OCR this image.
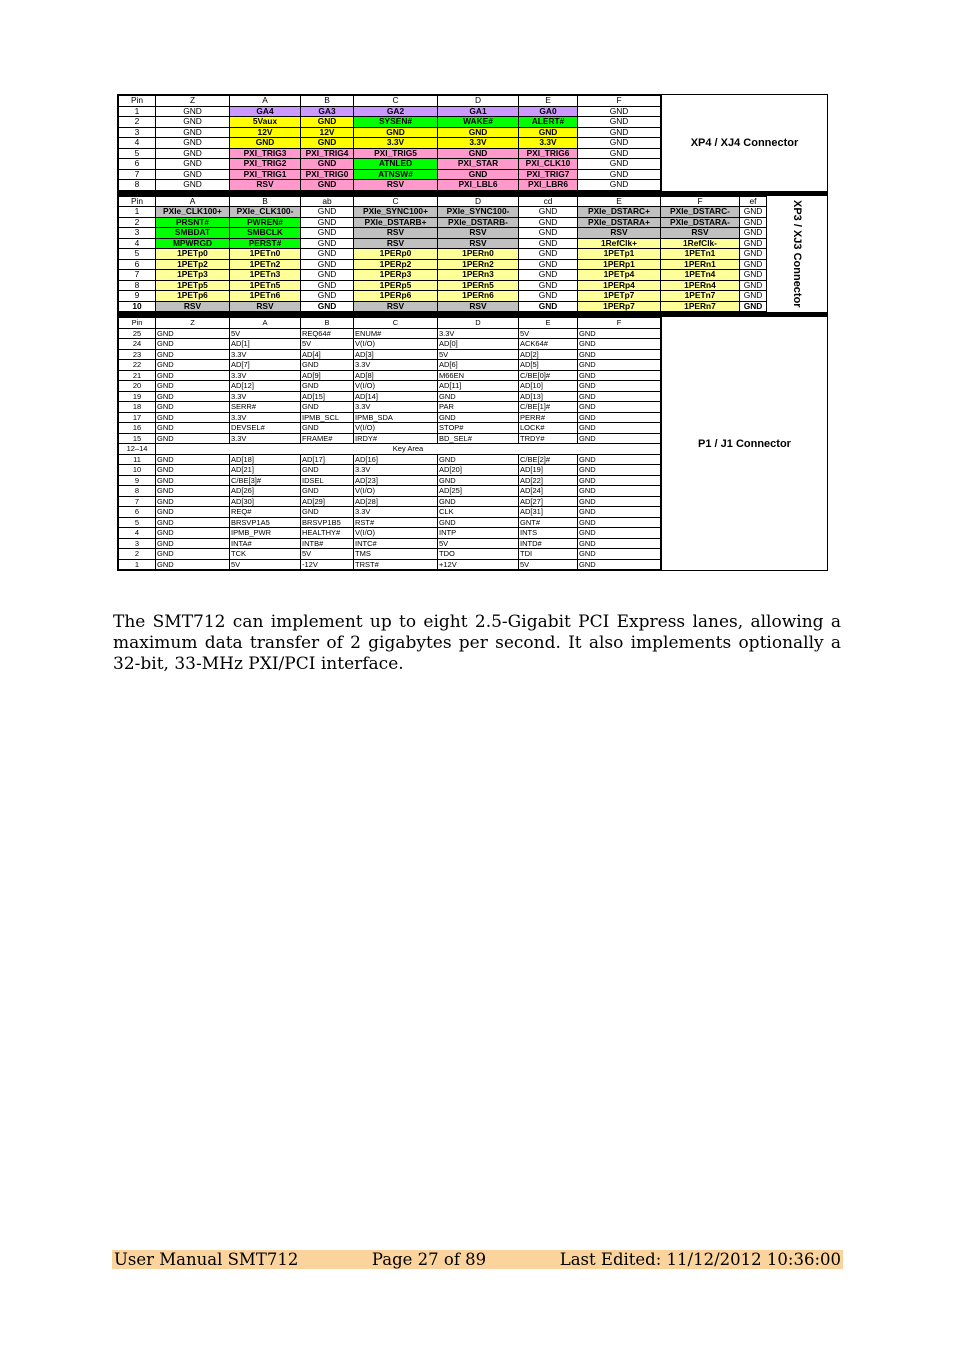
Pin	Z	A	B	C	D	E	F
1	GND	GA4	GA3	GA2	GA1	GA0	GND
2	GND	5Vaux	GND	SYSEN#	WAKE#	ALERT#	GND
3	GND	12V	12V	GND	GND	GND	GND
4	GND	GND	GND	3.3V	3.3V	3.3V	GND
5	GND	PXI_TRIG3	PXI_TRIG4	PXI_TRIG5	GND	PXI_TRIG6	GND
6	GND	PXI_TRIG2	GND	ATNLED	PXI_STAR	PXI_CLK10	GND
7	GND	PXI_TRIG1	PXI_TRIG0	ATNSW#	GND	PXI_TRIG7	GND
8	GND	RSV	GND	RSV	PXI_LBL6	PXI_LBR6	GND
XP4 / XJ4 Connector
Pin	A	B	ab	C	D	cd	E	F	ef
1	PXIe_CLK100+	PXIe_CLK100-	GND	PXIe_SYNC100+	PXIe_SYNC100-	GND	PXIe_DSTARC+	PXIe_DSTARC-	GND
2	PRSNT#	PWREN#	GND	PXIe_DSTARB+	PXIe_DSTARB-	GND	PXIe_DSTARA+	PXIe_DSTARA-	GND
3	SMBDAT	SMBCLK	GND	RSV	RSV	GND	RSV	RSV	GND
4	MPWRGD	PERST#	GND	RSV	RSV	GND	1RefClk+	1RefClk-	GND
5	1PETp0	1PETn0	GND	1PERp0	1PERn0	GND	1PETp1	1PETn1	GND
6	1PETp2	1PETn2	GND	1PERp2	1PERn2	GND	1PERp1	1PERn1	GND
7	1PETp3	1PETn3	GND	1PERp3	1PERn3	GND	1PETp4	1PETn4	GND
8	1PETp5	1PETn5	GND	1PERp5	1PERn5	GND	1PERp4	1PERn4	GND
9	1PETp6	1PETn6	GND	1PERp6	1PERn6	GND	1PETp7	1PETn7	GND
10	RSV	RSV	GND	RSV	RSV	GND	1PERp7	1PERn7	GND	XP3 / XJ3 Connector
Pin	Z	A	B	C	D	E	F
25	GND	5V	REQ64#	ENUM#	3.3V	5V	GND
24	GND	AD[1]	5V	V(I/O)	AD[0]	ACK64#	GND
23	GND	3.3V	AD[4]	AD[3]	5V	AD[2]	GND
22	GND	AD[7]	GND	3.3V	AD[6]	AD[5]	GND
21	GND	3.3V	AD[9]	AD[8]	M66EN	C/BE[0]#	GND
20	GND	AD[12]	GND	V(I/O)	AD[11]	AD[10]	GND
19	GND	3.3V	AD[15]	AD[14]	GND	AD[13]	GND
18	GND	SERR#	GND	3.3V	PAR	C/BE[1]#	GND
17	GND	3.3V	IPMB_SCL	IPMB_SDA	GND	PERR#	GND
16	GND	DEVSEL#	GND	V(I/O)	STOP#	LOCK#	GND
15	GND	3.3V	FRAME#	IRDY#	BD_SEL#	TRDY#	GND
12–14	Key Area						
11	GND	AD[18]	AD[17]	AD[16]	GND	C/BE[2]#	GND
10	GND	AD[21]	GND	3.3V	AD[20]	AD[19]	GND
9	GND	C/BE[3]#	IDSEL	AD[23]	GND	AD[22]	GND
8	GND	AD[26]	GND	V(I/O)	AD[25]	AD[24]	GND
7	GND	AD[30]	AD[29]	AD[28]	GND	AD[27]	GND
6	GND	REQ#	GND	3.3V	CLK	AD[31]	GND
5	GND	BRSVP1A5	BRSVP1B5	RST#	GND	GNT#	GND
4	GND	IPMB_PWR	HEALTHY#	V(I/O)	INTP	INTS	GND
3	GND	INTA#	INTB#	INTC#	5V	INTD#	GND
2	GND	TCK	5V	TMS	TDO	TDI	GND
1	GND	5V	-12V	TRST#	+12V	5V	GND
P1 / J1 Connector

The SMT712 can implement up to eight 2.5-Gigabit PCI Express lanes, allowing a maximum data transfer of 2 gigabytes per second. It also implements optionally a 32-bit, 33-MHz PXI/PCI interface.

User Manual SMT712	Page 27 of 89	Last Edited: 11/12/2012 10:36:00
